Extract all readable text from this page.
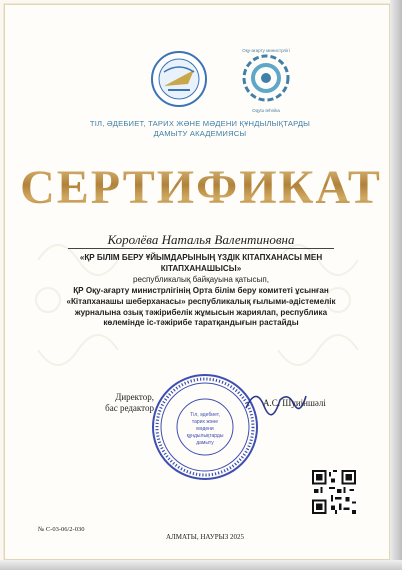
Оқу-ағарту министрлігі
Oqytu tehnika
ТІЛ, ӘДЕБИЕТ, ТАРИХ ЖӘНЕ МӘДЕНИ ҚҰНДЫЛЫҚТАРДЫ
ДАМЫТУ АКАДЕМИЯСЫ
СЕРТИФИКАТ
Королёва Наталья Валентиновна
«ҚР БІЛІМ БЕРУ ҰЙЫМДАРЫНЫҢ ҮЗДІК КІТАПХАНАСЫ МЕН КІТАПХАНАШЫСЫ»
республикалық байқауына қатысып,
ҚР Оқу-ағарту министрлігінің Орта білім беру комитеті ұсынған «Кітапханашы шеберханасы» республикалық ғылыми-әдістемелік журналына озық тәжірибелік жұмысын жариялап, республика көлемінде іс-тәжірибе таратқандығын растайды
Директор,
бас редактор
Тіл, әдебиет,
тарих және
мәдени
құндылықтарды
дамыту
А.С. Шуиіншәлі
№ С-03-06/2-030
АЛМАТЫ, НАУРЫЗ 2025
